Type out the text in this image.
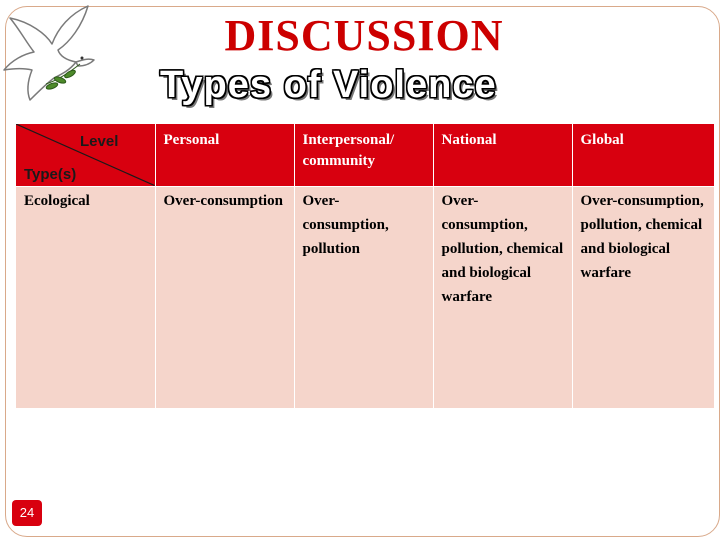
DISCUSSION
Types of Violence
Level
Type(s)	Personal	Interpersonal/ community	National	Global
Ecological	Over-consumption	Over-consumption, pollution	Over-consumption, pollution, chemical and biological warfare	Over-consumption, pollution, chemical and biological warfare
24
